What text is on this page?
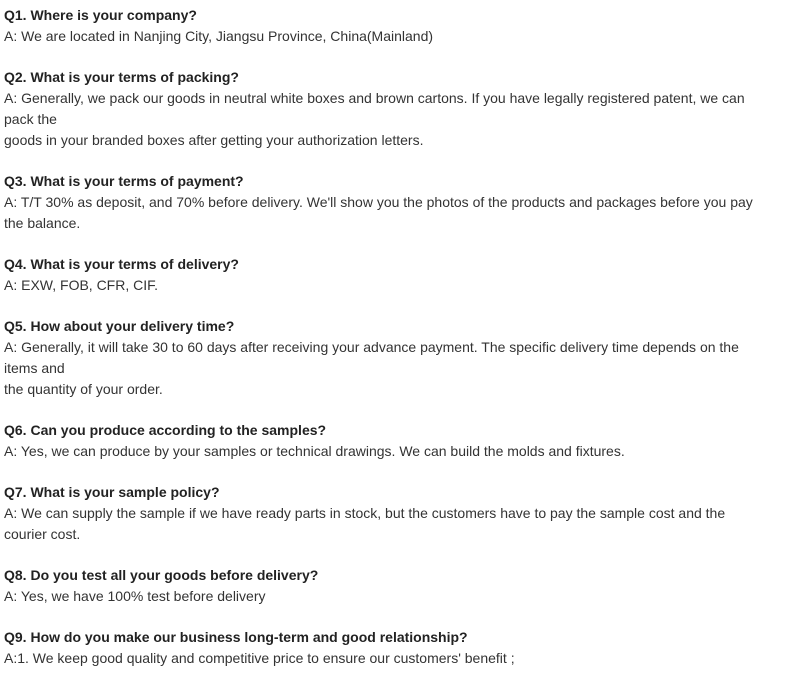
Q1. Where is your company?
A: We are located in Nanjing City, Jiangsu Province, China(Mainland)
Q2. What is your terms of packing?
A: Generally, we pack our goods in neutral white boxes and brown cartons. If you have legally registered patent, we can
pack the
goods in your branded boxes after getting your authorization letters.
Q3. What is your terms of payment?
A: T/T 30% as deposit, and 70% before delivery. We'll show you the photos of the products and packages before you pay
the balance.
Q4. What is your terms of delivery?
A: EXW, FOB, CFR, CIF.
Q5. How about your delivery time?
A: Generally, it will take 30 to 60 days after receiving your advance payment. The specific delivery time depends on the
items and
the quantity of your order.
Q6. Can you produce according to the samples?
A: Yes, we can produce by your samples or technical drawings. We can build the molds and fixtures.
Q7. What is your sample policy?
A: We can supply the sample if we have ready parts in stock, but the customers have to pay the sample cost and the
courier cost.
Q8. Do you test all your goods before delivery?
A: Yes, we have 100% test before delivery
Q9. How do you make our business long-term and good relationship?
A:1. We keep good quality and competitive price to ensure our customers' benefit ;
